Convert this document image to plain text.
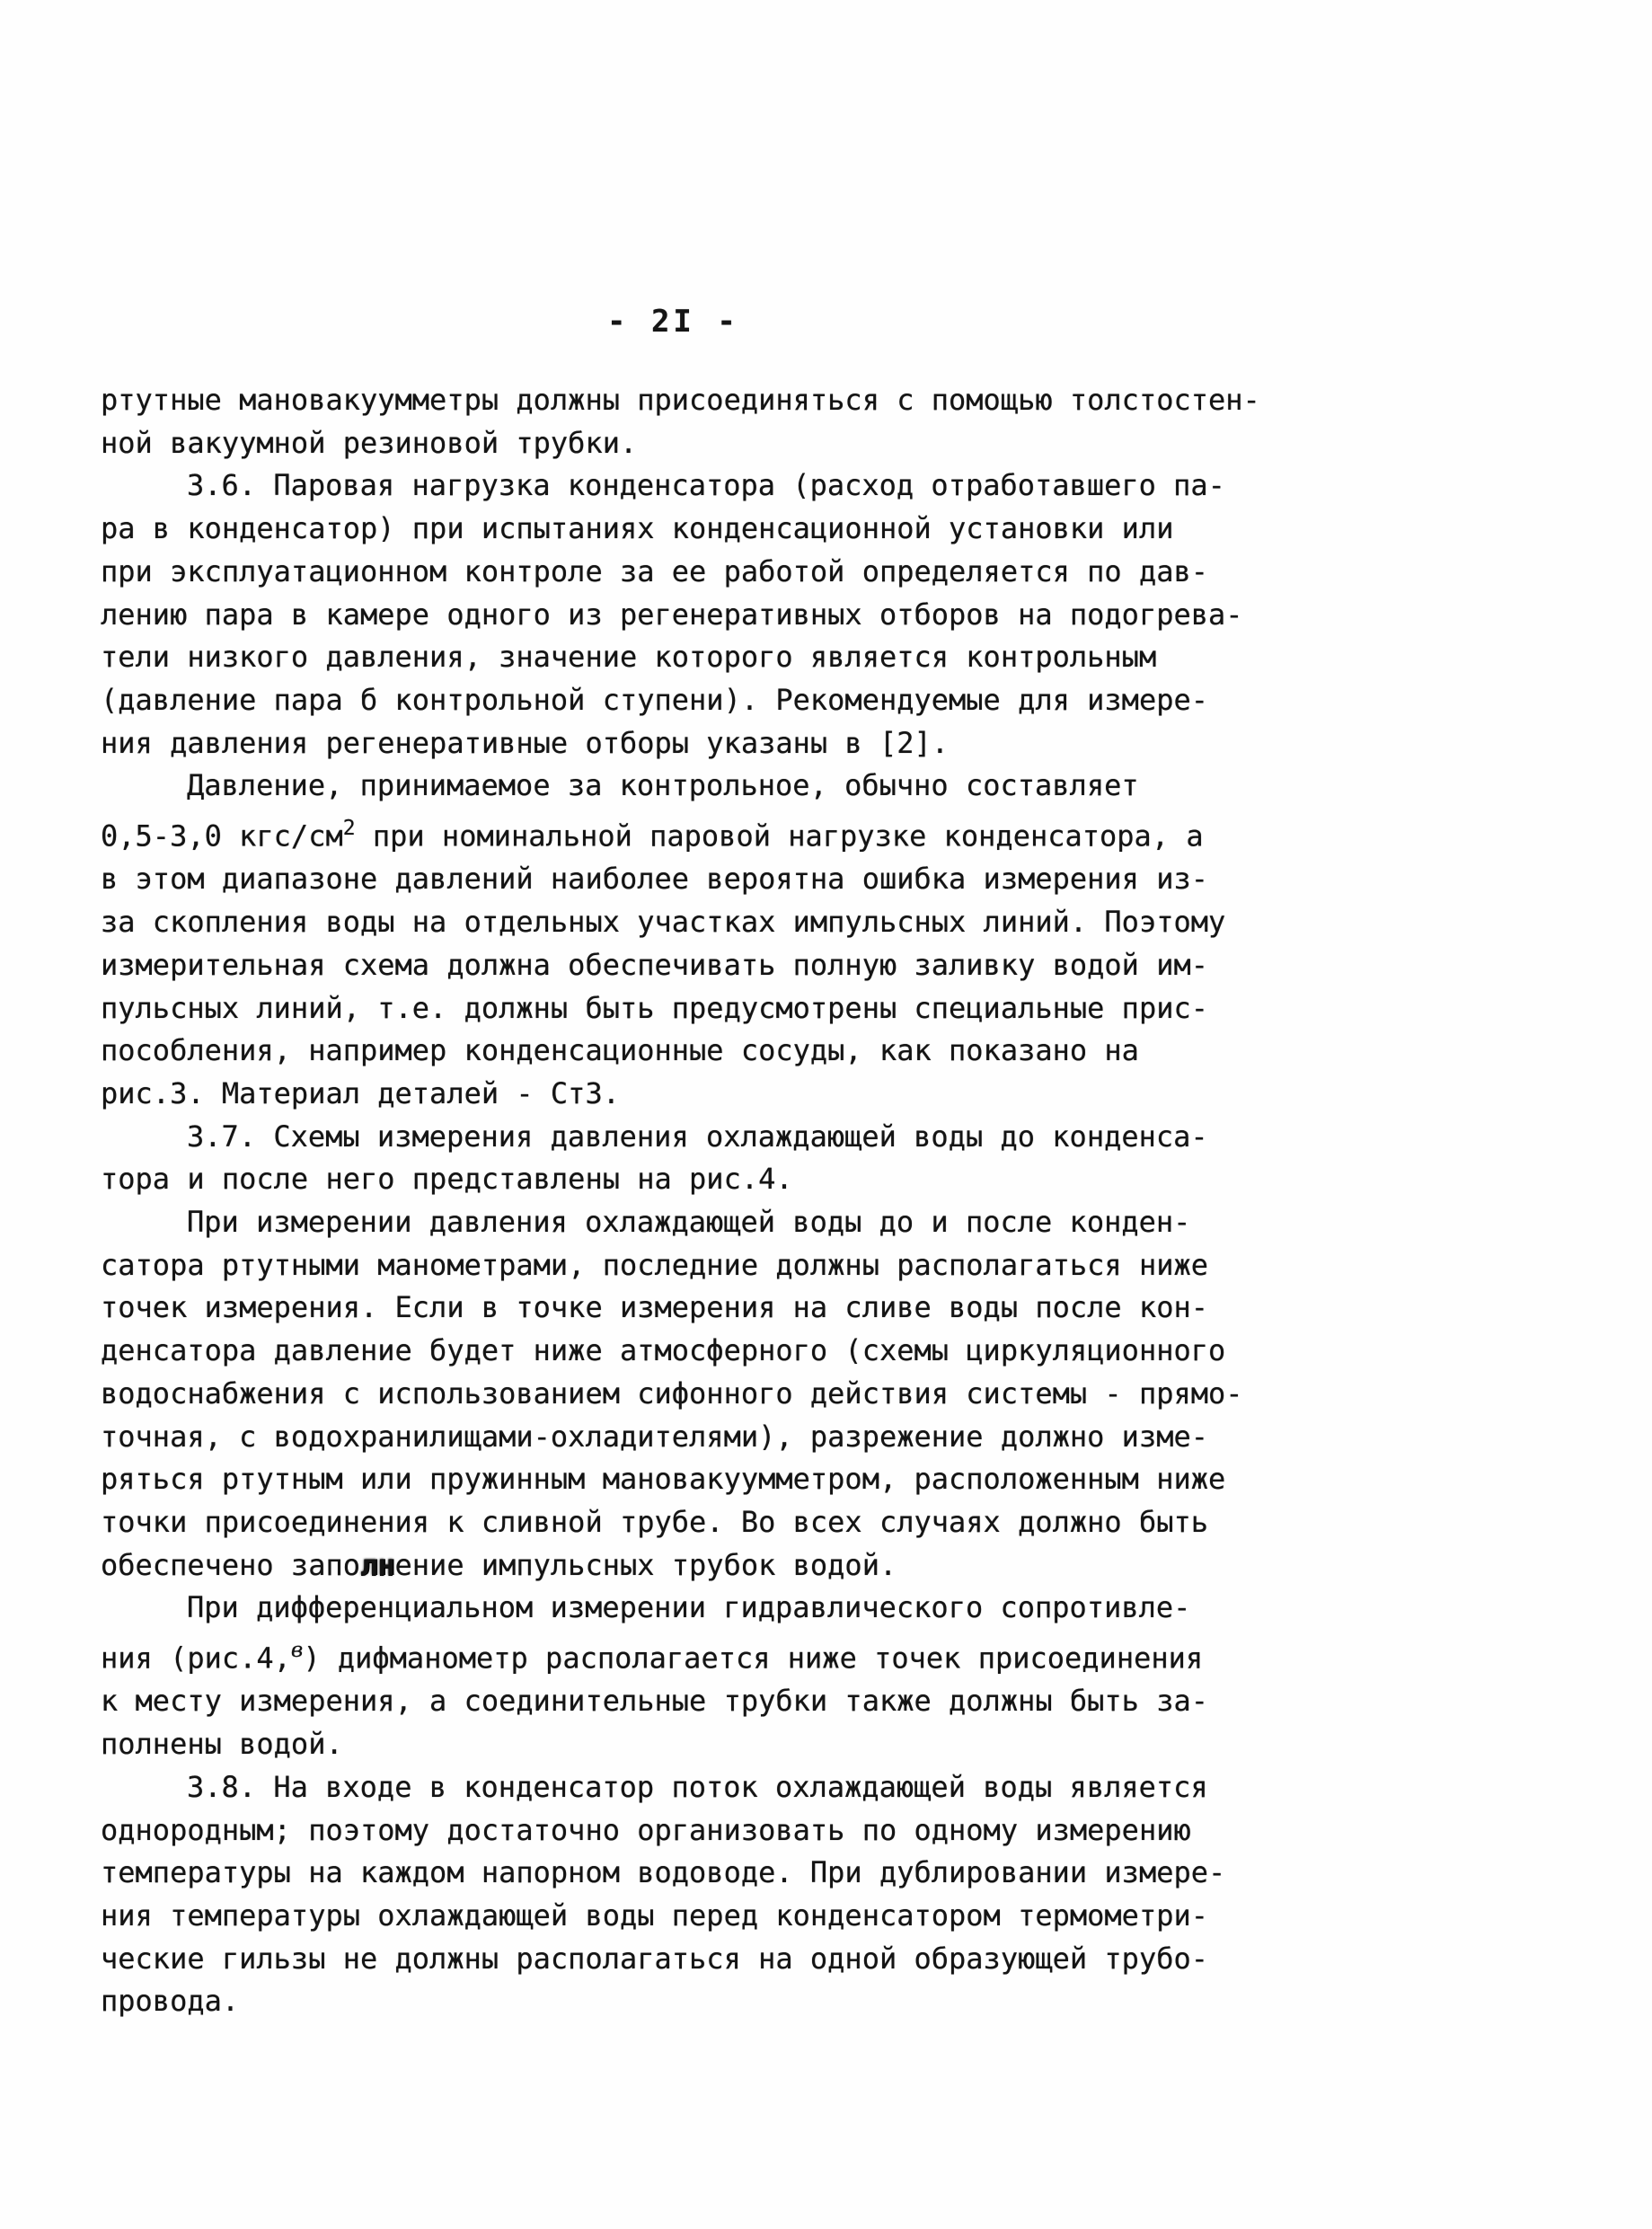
- 2I -
ртутные мановакуумметры должны присоединяться с помощью толстостен-
ной вакуумной резиновой трубки.
3.6. Паровая нагрузка конденсатора (расход отработавшего па-
ра в конденсатор) при испытаниях конденсационной установки или
при эксплуатационном контроле за ее работой определяется по дав-
лению пара в камере одного из регенеративных отборов на подогрева-
тели низкого давления, значение которого является контрольным
(давление пара б контрольной ступени). Рекомендуемые для измере-
ния давления регенеративные отборы указаны в [2].
Давление, принимаемое за контрольное, обычно составляет
0,5-3,0 кгс/$см^2$ при номинальной паровой нагрузке конденсатора, а
в этом диапазоне давлений наиболее вероятна ошибка измерения из-
за скопления воды на отдельных участках импульсных линий. Поэтому
измерительная схема должна обеспечивать полную заливку водой им-
пульсных линий, т.е. должны быть предусмотрены специальные прис-
пособления, например конденсационные сосуды, как показано на
рис.3. Материал деталей - Ст3.
3.7. Схемы измерения давления охлаждающей воды до конденса-
тора и после него представлены на рис.4.
При измерении давления охлаждающей воды до и после конден-
сатора ртутными манометрами, последние должны располагаться ниже
точек измерения. Если в точке измерения на сливе воды после кон-
денсатора давление будет ниже атмосферного (схемы циркуляционного
водоснабжения с использованием сифонного действия системы - прямо-
точная, с водохранилищами-охладителями), разрежение должно изме-
ряться ртутным или пружинным мановакуумметром, расположенным ниже
точки присоединения к сливной трубе. Во всех случаях должно быть
обеспечено заполнение импульсных трубок водой.
При дифференциальном измерении гидравлического сопротивле-
ния (рис.4,$^в$) дифманометр располагается ниже точек присоединения
к месту измерения, а соединительные трубки также должны быть за-
полнены водой.
3.8. На входе в конденсатор поток охлаждающей воды является
однородным; поэтому достаточно организовать по одному измерению
температуры на каждом напорном водоводе. При дублировании измере-
ния температуры охлаждающей воды перед конденсатором термометри-
ческие гильзы не должны располагаться на одной образующей трубо-
провода.
